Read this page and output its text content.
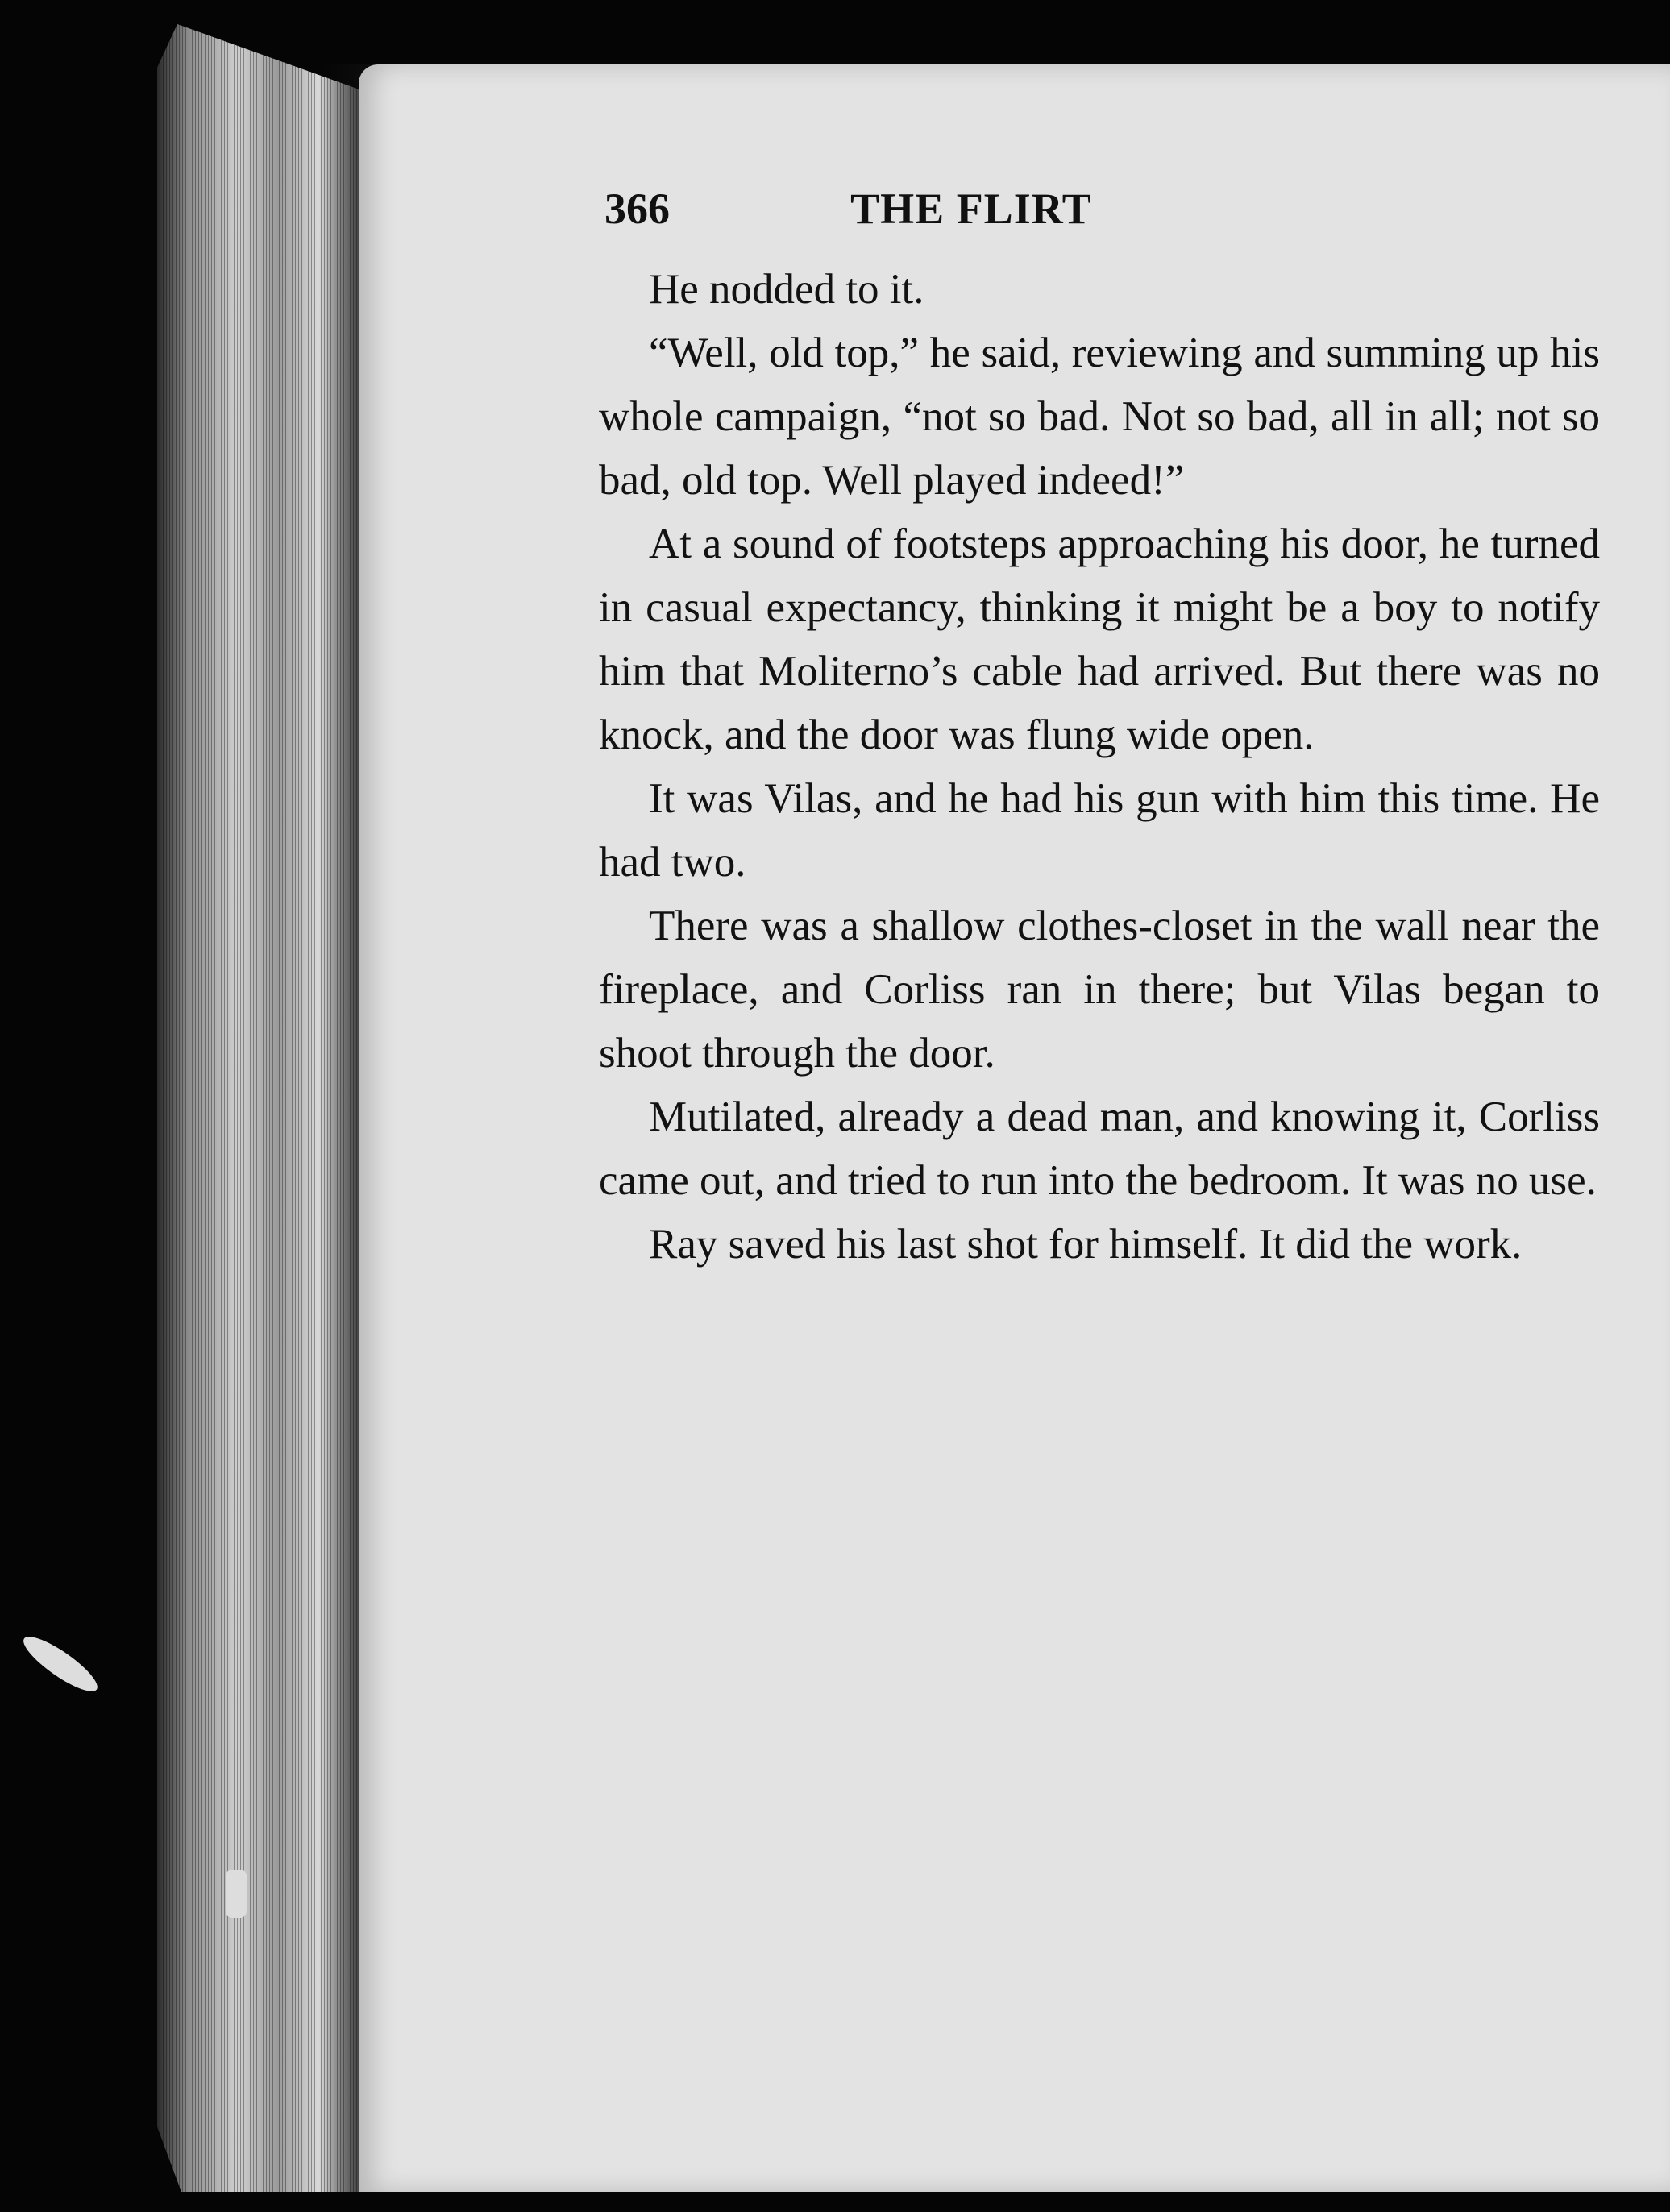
366	THE FLIRT

He nodded to it.

“Well, old top,” he said, reviewing and summing up his whole campaign, “not so bad. Not so bad, all in all; not so bad, old top. Well played indeed!”

At a sound of footsteps approaching his door, he turned in casual expectancy, thinking it might be a boy to notify him that Moliterno’s cable had arrived. But there was no knock, and the door was flung wide open.

It was Vilas, and he had his gun with him this time. He had two.

There was a shallow clothes-closet in the wall near the fireplace, and Corliss ran in there; but Vilas began to shoot through the door.

Mutilated, already a dead man, and knowing it, Corliss came out, and tried to run into the bedroom. It was no use.

Ray saved his last shot for himself. It did the work.
